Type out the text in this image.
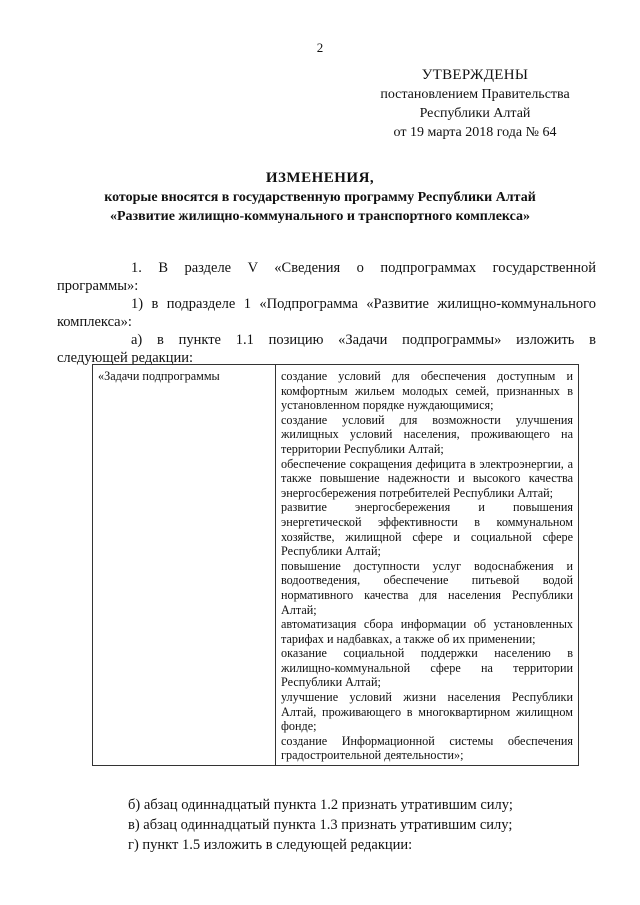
2
УТВЕРЖДЕНЫ
постановлением Правительства
Республики Алтай
от 19 марта 2018 года № 64
ИЗМЕНЕНИЯ,
которые вносятся в государственную программу Республики Алтай
«Развитие жилищно-коммунального и транспортного комплекса»
1. В разделе V «Сведения о подпрограммах государственной
программы»:
1) в подразделе 1 «Подпрограмма «Развитие жилищно-коммунального
комплекса»:
а) в пункте 1.1 позицию «Задачи подпрограммы» изложить в
следующей редакции:
«Задачи подпрограммы	создание условий для обеспечения доступным и комфортным жильем молодых семей, признанных в установленном порядке нуждающимися;
создание условий для возможности улучшения жилищных условий населения, проживающего на территории Республики Алтай;
обеспечение сокращения дефицита в электроэнергии, а также повышение надежности и высокого качества энергосбережения потребителей Республики Алтай;
развитие энергосбережения и повышения энергетической эффективности в коммунальном хозяйстве, жилищной сфере и социальной сфере Республики Алтай;
повышение доступности услуг водоснабжения и водоотведения, обеспечение питьевой водой нормативного качества для населения Республики Алтай;
автоматизация сбора информации об установленных тарифах и надбавках, а также об их применении;
оказание социальной поддержки населению в жилищно-коммунальной сфере на территории Республики Алтай;
улучшение условий жизни населения Республики Алтай, проживающего в многоквартирном жилищном фонде;
создание Информационной системы обеспечения градостроительной деятельности»;
б) абзац одиннадцатый пункта 1.2 признать утратившим силу;
в) абзац одиннадцатый пункта 1.3 признать утратившим силу;
г) пункт 1.5 изложить в следующей редакции:
